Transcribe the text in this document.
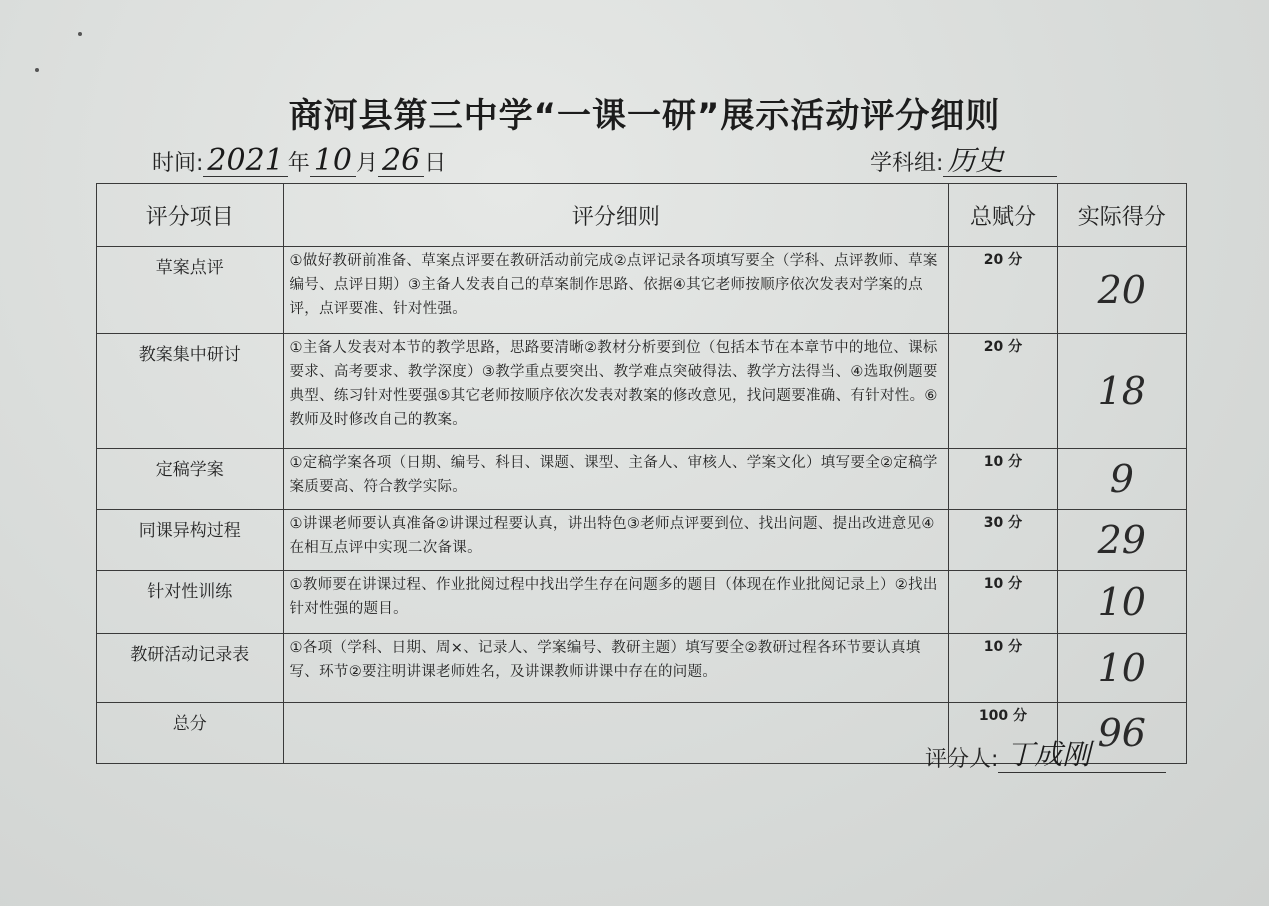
商河县第三中学“一课一研”展示活动评分细则
时间: 2021 年 10 月 26 日	学科组: 历史
评分项目	评分细则	总赋分	实际得分
草案点评	①做好教研前准备、草案点评要在教研活动前完成②点评记录各项填写要全（学科、点评教师、草案编号、点评日期）③主备人发表自己的草案制作思路、依据④其它老师按顺序依次发表对学案的点评，点评要准、针对性强。	20 分	20
教案集中研讨	①主备人发表对本节的教学思路，思路要清晰②教材分析要到位（包括本节在本章节中的地位、课标要求、高考要求、教学深度）③教学重点要突出、教学难点突破得法、教学方法得当、④选取例题要典型、练习针对性要强⑤其它老师按顺序依次发表对教案的修改意见，找问题要准确、有针对性。⑥教师及时修改自己的教案。	20 分	18
定稿学案	①定稿学案各项（日期、编号、科目、课题、课型、主备人、审核人、学案文化）填写要全②定稿学案质要高、符合教学实际。	10 分	9
同课异构过程	①讲课老师要认真准备②讲课过程要认真，讲出特色③老师点评要到位、找出问题、提出改进意见④在相互点评中实现二次备课。	30 分	29
针对性训练	①教师要在讲课过程、作业批阅过程中找出学生存在问题多的题目（体现在作业批阅记录上）②找出针对性强的题目。	10 分	10
教研活动记录表	①各项（学科、日期、周×、记录人、学案编号、教研主题）填写要全②教研过程各环节要认真填写、环节②要注明讲课老师姓名，及讲课教师讲课中存在的问题。	10 分	10
总分		100 分	96
评分人: 丁成刚
